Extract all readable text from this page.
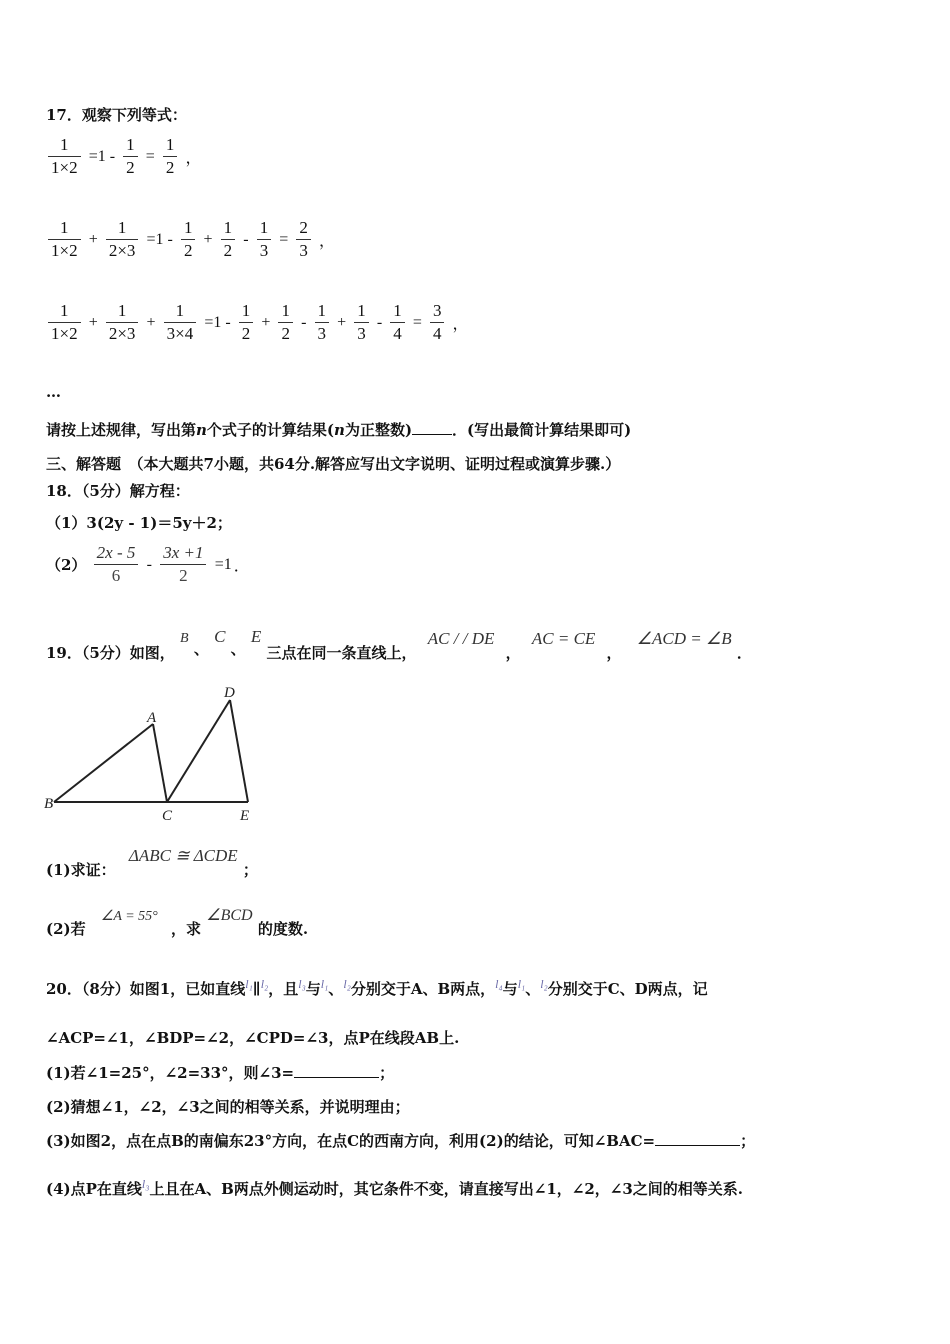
17．观察下列等式：
$\frac{1}{1\times 2} =1 - \frac{1}{2} = \frac{1}{2}$ ，
$\frac{1}{1\times 2} + \frac{1}{2\times 3} =1 - \frac{1}{2} + \frac{1}{2} - \frac{1}{3} = \frac{2}{3}$ ，
$\frac{1}{1\times 2} + \frac{1}{2\times 3} + \frac{1}{3\times 4} =1 - \frac{1}{2} + \frac{1}{2} - \frac{1}{3} + \frac{1}{3} - \frac{1}{4} = \frac{3}{4}$ ，
…
请按上述规律，写出第n个式子的计算结果(n为正整数)	．(写出最简计算结果即可)
三、解答题　（本大题共7小题，共64分.解答应写出文字说明、证明过程或演算步骤.）
18．（5分）解方程：
（1）3(2y - 1)＝5y＋2；
$(2) \frac{2x - 5}{6} - \frac{3x +1}{2} =1$ ．
19．（5分）如图， B 、 C 、 E 三点在同一条直线上， AC / / DE ， AC = CE ， ∠ACD = ∠B ．
D
A
B
C	E
(1)求证： ΔABC ≅ ΔCDE ；
(2)若 ∠A = 55° ，求 ∠BCD 的度数.
20．（8分）如图1，已如直线$^{l_1}$∥$^{l_2}$，且$^{l_3}$与$^{l_1}$、$^{l_2}$分别交于A、B两点，$^{l_4}$与$^{l_1}$、$^{l_2}$分别交于C、D两点，记
∠ACP=∠1，∠BDP=∠2，∠CPD=∠3，点P在线段AB上.
(1)若∠1=25°，∠2=33°，则∠3=	；
(2)猜想∠1，∠2，∠3之间的相等关系，并说明理由；
(3)如图2，点在点B的南偏东23°方向，在点C的西南方向，利用(2)的结论，可知∠BAC=	；
(4)点P在直线$^{l_3}$上且在A、B两点外侧运动时，其它条件不变，请直接写出∠1，∠2，∠3之间的相等关系.
